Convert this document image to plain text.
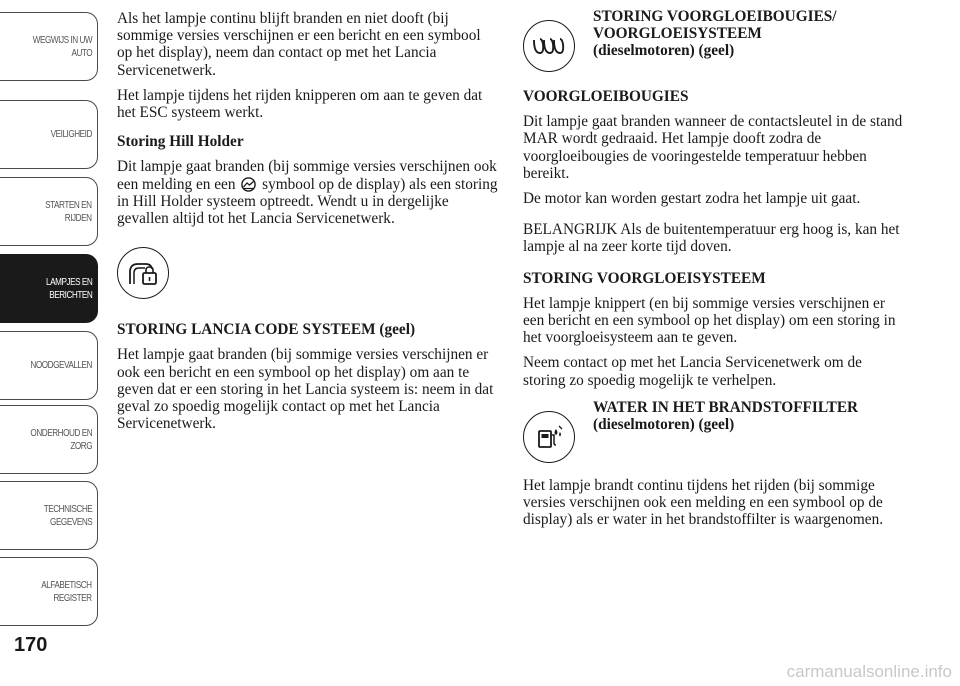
WEGWIJS IN UW
AUTO
VEILIGHEID
STARTEN EN
RIJDEN
LAMPJES EN
BERICHTEN
NOODGEVALLEN
ONDERHOUD EN
ZORG
TECHNISCHE
GEGEVENS
ALFABETISCH
REGISTER
170

Als het lampje continu blijft branden en niet dooft (bij sommige versies verschijnen er een bericht en een symbool op het display), neem dan contact op met het Lancia Servicenetwerk.

Het lampje tijdens het rijden knipperen om aan te geven dat het ESC systeem werkt.

Storing Hill Holder

Dit lampje gaat branden (bij sommige versies verschijnen ook een melding en een symbool op de display) als een storing in Hill Holder systeem optreedt. Wendt u in dergelijke gevallen altijd tot het Lancia Servicenetwerk.

STORING LANCIA CODE SYSTEEM (geel)

Het lampje gaat branden (bij sommige versies verschijnen er ook een bericht en een symbool op het display) om aan te geven dat er een storing in het Lancia systeem is: neem in dat geval zo spoedig mogelijk contact op met het Lancia Servicenetwerk.

STORING VOORGLOEIBOUGIES/
VOORGLOEISYSTEEM
(dieselmotoren) (geel)

VOORGLOEIBOUGIES

Dit lampje gaat branden wanneer de contactsleutel in de stand MAR wordt gedraaid. Het lampje dooft zodra de voorgloeibougies de vooringestelde temperatuur hebben bereikt.

De motor kan worden gestart zodra het lampje uit gaat.

BELANGRIJK Als de buitentemperatuur erg hoog is, kan het lampje al na zeer korte tijd doven.

STORING VOORGLOEISYSTEEM

Het lampje knippert (en bij sommige versies verschijnen er een bericht en een symbool op het display) om een storing in het voorgloeisysteem aan te geven.

Neem contact op met het Lancia Servicenetwerk om de storing zo spoedig mogelijk te verhelpen.

WATER IN HET BRANDSTOFFILTER
(dieselmotoren) (geel)

Het lampje brandt continu tijdens het rijden (bij sommige versies verschijnen ook een melding en een symbool op de display) als er water in het brandstoffilter is waargenomen.

carmanualsonline.info
